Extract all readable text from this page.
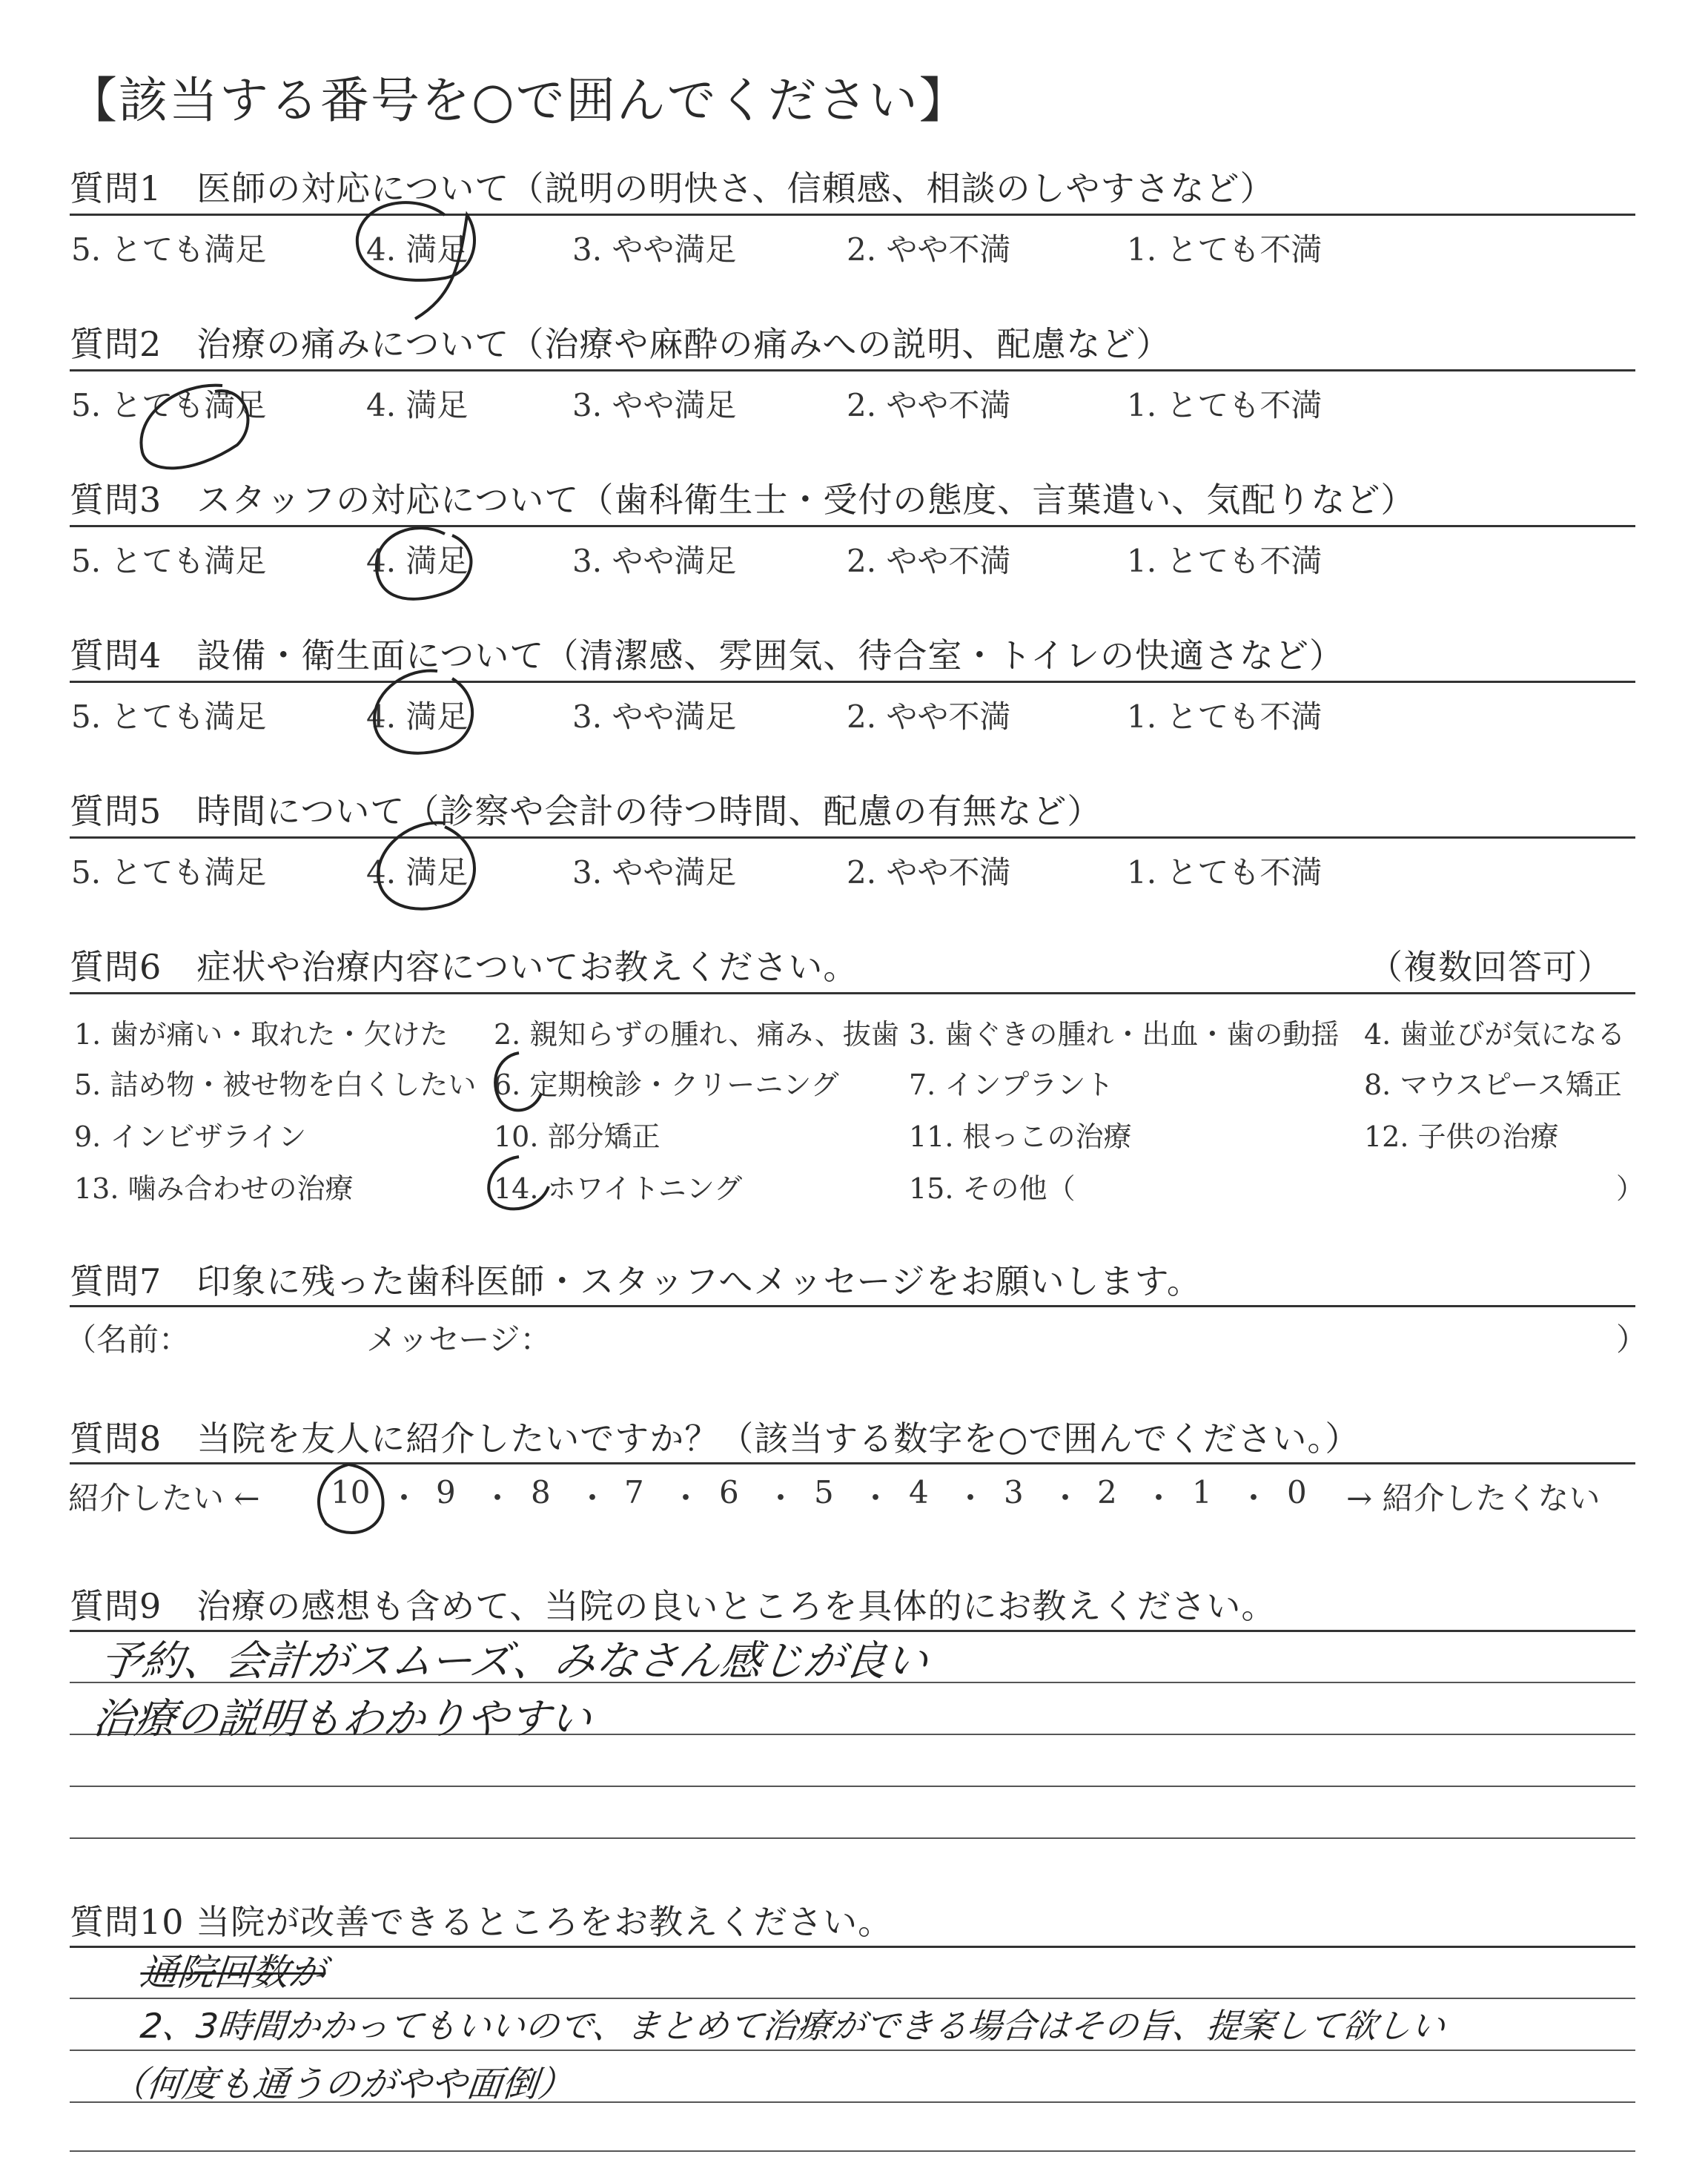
【該当する番号を○で囲んでください】
質問1　医師の対応について（説明の明快さ、信頼感、相談のしやすさなど）
5. とても満足	4. 満足	3. やや満足	2. やや不満	1. とても不満
質問2　治療の痛みについて（治療や麻酔の痛みへの説明、配慮など）
5. とても満足	4. 満足	3. やや満足	2. やや不満	1. とても不満
質問3　スタッフの対応について（歯科衛生士・受付の態度、言葉遣い、気配りなど）
5. とても満足	4. 満足	3. やや満足	2. やや不満	1. とても不満
質問4　設備・衛生面について（清潔感、雰囲気、待合室・トイレの快適さなど）
5. とても満足	4. 満足	3. やや満足	2. やや不満	1. とても不満
質問5　時間について（診察や会計の待つ時間、配慮の有無など）
5. とても満足	4. 満足	3. やや満足	2. やや不満	1. とても不満
質問6　症状や治療内容についてお教えください。	（複数回答可）
1. 歯が痛い・取れた・欠けた 2. 親知らずの腫れ、痛み、抜歯 3. 歯ぐきの腫れ・出血・歯の動揺 4. 歯並びが気になる
5. 詰め物・被せ物を白くしたい 6. 定期検診・クリーニング 7. インプラント	8. マウスピース矯正
9. インビザライン	10. 部分矯正	11. 根っこの治療	12. 子供の治療
13. 噛み合わせの治療	14. ホワイトニング	15. その他（	）
質問7　印象に残った歯科医師・スタッフへメッセージをお願いします。
（名前：	メッセージ：	）
質問8　当院を友人に紹介したいですか？（該当する数字を○で囲んでください。）
紹介したい ←	→ 紹介したくない
10 ・ 9 ・ 8 ・ 7 ・ 6 ・ 5 ・ 4 ・ 3 ・ 2 ・ 1 ・ 0
質問9　治療の感想も含めて、当院の良いところを具体的にお教えください。
予約、会計がスムーズ、みなさん感じが良い
治療の説明もわかりやすい
質問10 当院が改善できるところをお教えください。
通院回数が
2、3時間かかってもいいので、まとめて治療ができる場合はその旨、提案して欲しい
（何度も通うのがやや面倒）
